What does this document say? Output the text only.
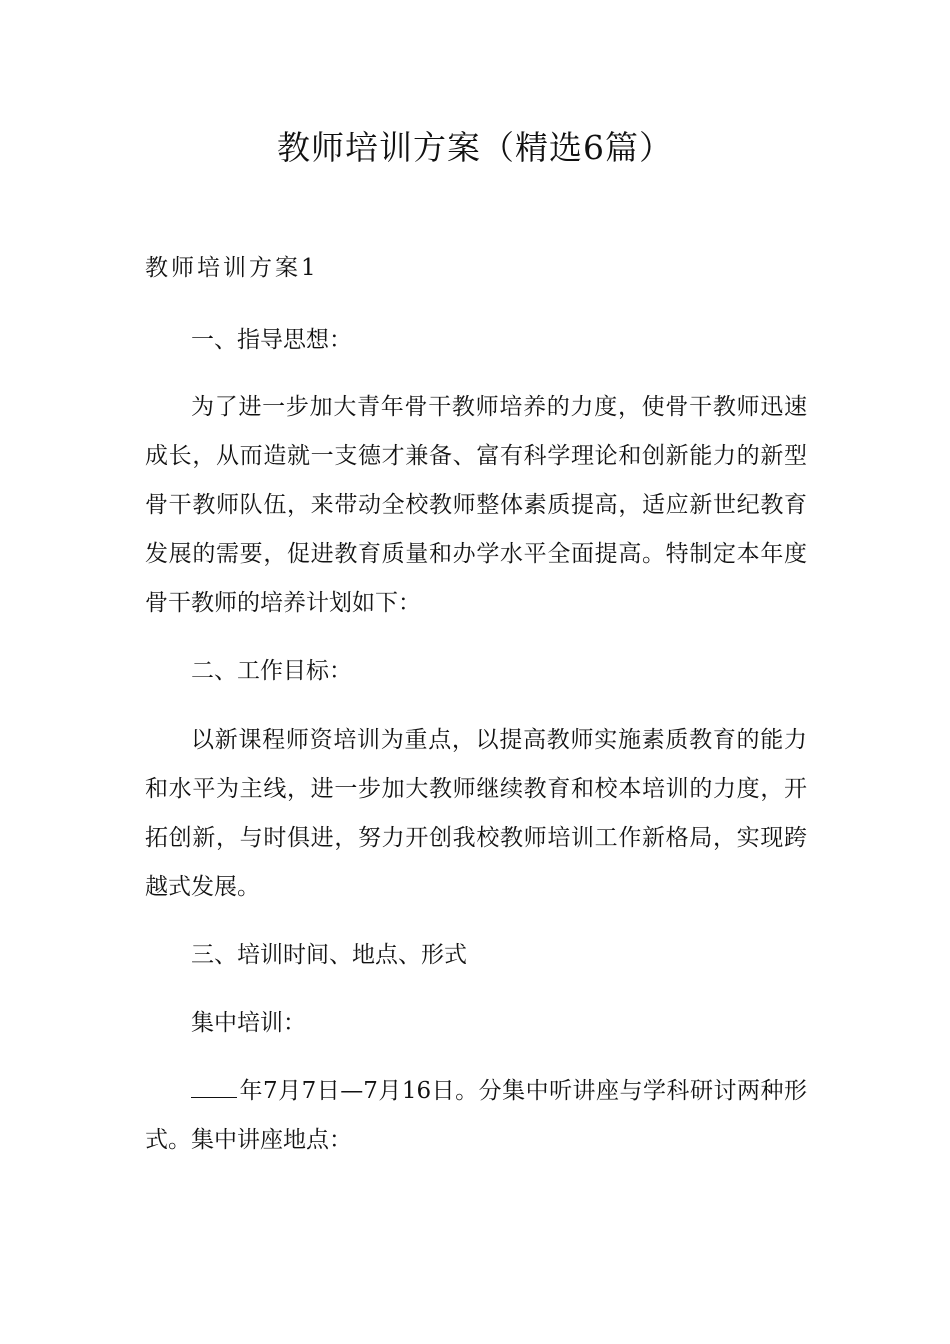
教师培训方案（精选6篇）
教师培训方案1

一、指导思想：

为了进一步加大青年骨干教师培养的力度，使骨干教师迅速成长，从而造就一支德才兼备、富有科学理论和创新能力的新型骨干教师队伍，来带动全校教师整体素质提高，适应新世纪教育发展的需要，促进教育质量和办学水平全面提高。特制定本年度骨干教师的培养计划如下：

二、工作目标：

以新课程师资培训为重点，以提高教师实施素质教育的能力和水平为主线，进一步加大教师继续教育和校本培训的力度，开拓创新，与时俱进，努力开创我校教师培训工作新格局，实现跨越式发展。

三、培训时间、地点、形式

集中培训：

年7月7日—7月16日。分集中听讲座与学科研讨两种形式。集中讲座地点：
